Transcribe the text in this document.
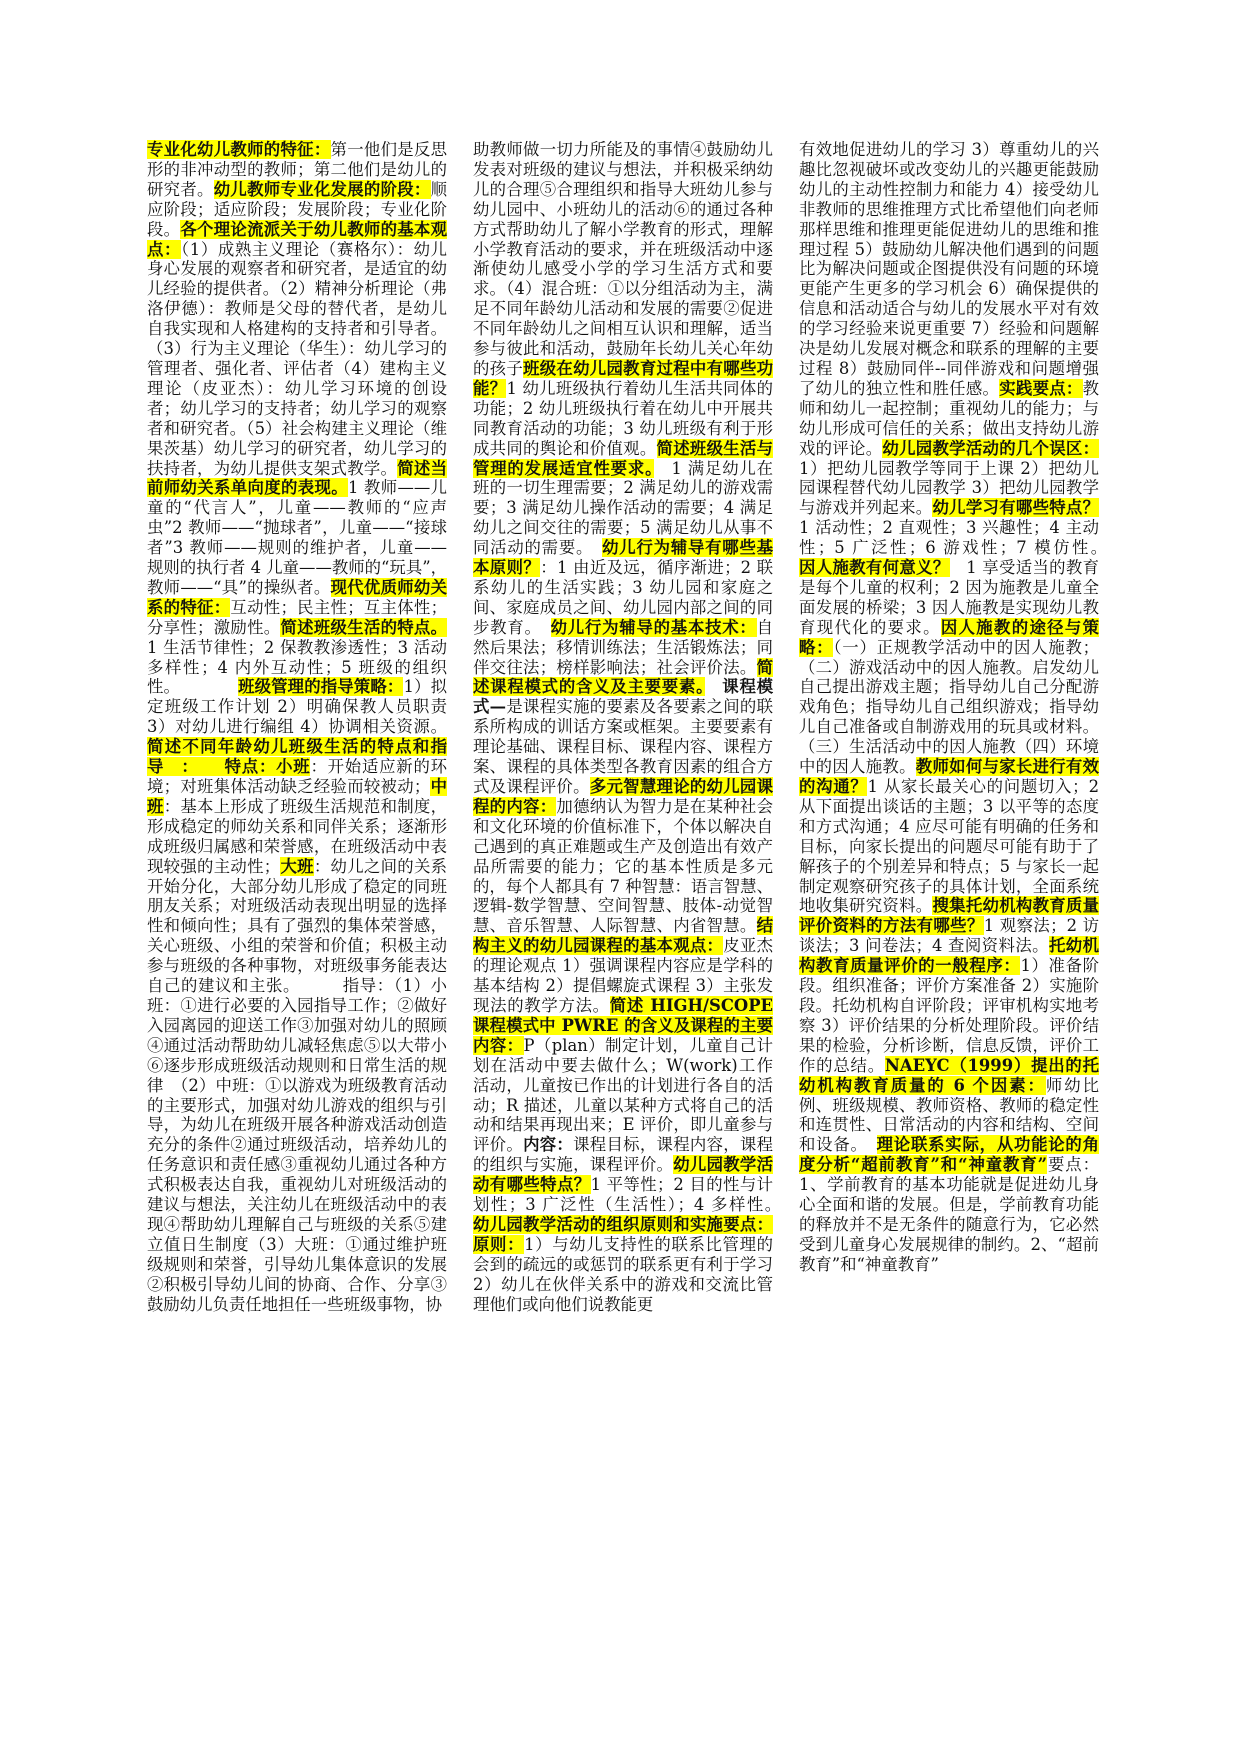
专业化幼儿教师的特征：第一他们是反思形的非冲动型的教师；第二他们是幼儿的研究者。幼儿教师专业化发展的阶段：顺应阶段；适应阶段；发展阶段；专业化阶段。各个理论流派关于幼儿教师的基本观点：（1）成熟主义理论（赛格尔）：幼儿身心发展的观察者和研究者，是适宜的幼儿经验的提供者。（2）精神分析理论（弗洛伊德）：教师是父母的替代者，是幼儿自我实现和人格建构的支持者和引导者。（3）行为主义理论（华生）：幼儿学习的管理者、强化者、评估者（4）建构主义理论（皮亚杰）：幼儿学习环境的创设者；幼儿学习的支持者；幼儿学习的观察者和研究者。（5）社会构建主义理论（维果茨基）幼儿学习的研究者，幼儿学习的扶持者，为幼儿提供支架式教学。简述当前师幼关系单向度的表现。1 教师——儿童的“代言人”，儿童——教师的“应声虫”2 教师——“抛球者”，儿童——“接球者”3 教师——规则的维护者，儿童——规则的执行者 4 儿童——教师的“玩具”，教师——“具”的操纵者。现代优质师幼关系的特征：互动性；民主性；互主体性；分享性；激励性。简述班级生活的特点。1 生活节律性；2 保教教渗透性；3 活动多样性；4 内外互动性；5 班级的组织性。　　　　班级管理的指导策略：1）拟定班级工作计划 2）明确保教人员职责 3）对幼儿进行编组 4）协调相关资源。简述不同年龄幼儿班级生活的特点和指导　：　　特点：小班：开始适应新的环境；对班集体活动缺乏经验而较被动；中班：基本上形成了班级生活规范和制度，形成稳定的师幼关系和同伴关系；逐渐形成班级归属感和荣誉感，在班级活动中表现较强的主动性；大班：幼儿之间的关系开始分化，大部分幼儿形成了稳定的同班朋友关系；对班级活动表现出明显的选择性和倾向性；具有了强烈的集体荣誉感，关心班级、小组的荣誉和价值；积极主动参与班级的各种事物，对班级事务能表达自己的建议和主张。　　　指导：（1）小班：①进行必要的入园指导工作；②做好入园离园的迎送工作③加强对幼儿的照顾④通过活动帮助幼儿减轻焦虑⑤以大带小⑥逐步形成班级活动规则和日常生活的规律　（2）中班：①以游戏为班级教育活动的主要形式，加强对幼儿游戏的组织与引导，为幼儿在班级开展各种游戏活动创造充分的条件②通过班级活动，培养幼儿的任务意识和责任感③重视幼儿通过各种方式积极表达自我，重视幼儿对班级活动的建议与想法，关注幼儿在班级活动中的表现④帮助幼儿理解自己与班级的关系⑤建立值日生制度（3）大班：①通过维护班级规则和荣誉，引导幼儿集体意识的发展②积极引导幼儿间的协商、合作、分享③鼓励幼儿负责任地担任一些班级事物，协
助教师做一切力所能及的事情④鼓励幼儿发表对班级的建议与想法，并积极采纳幼儿的合理⑤合理组织和指导大班幼儿参与幼儿园中、小班幼儿的活动⑥的通过各种方式帮助幼儿了解小学教育的形式，理解小学教育活动的要求，并在班级活动中逐渐使幼儿感受小学的学习生活方式和要求。（4）混合班：①以分组活动为主，满足不同年龄幼儿活动和发展的需要②促进不同年龄幼儿之间相互认识和理解，适当参与彼此和活动，鼓励年长幼儿关心年幼的孩子班级在幼儿园教育过程中有哪些功能？1 幼儿班级执行着幼儿生活共同体的功能；2 幼儿班级执行着在幼儿中开展共同教育活动的功能；3 幼儿班级有利于形成共同的舆论和价值观。简述班级生活与管理的发展适宜性要求。　1 满足幼儿在班的一切生理需要；2 满足幼儿的游戏需要；3 满足幼儿操作活动的需要；4 满足幼儿之间交往的需要；5 满足幼儿从事不同活动的需要。　幼儿行为辅导有哪些基本原则？：1 由近及远，循序渐进；2 联系幼儿的生活实践；3 幼儿园和家庭之间、家庭成员之间、幼儿园内部之间的同步教育。　幼儿行为辅导的基本技术：自然后果法；移情训练法；生活锻炼法；同伴交往法；榜样影响法；社会评价法。简述课程模式的含义及主要要素。　 课程模式—是课程实施的要素及各要素之间的联系所构成的训话方案或框架。主要要素有理论基础、课程目标、课程内容、课程方案、课程的具体类型各教育因素的组合方式及课程评价。多元智慧理论的幼儿园课程的内容：加德纳认为智力是在某种社会和文化环境的价值标准下，个体以解决自己遇到的真正难题或生产及创造出有效产品所需要的能力；它的基本性质是多元的，每个人都具有 7 种智慧：语言智慧、逻辑-数学智慧、空间智慧、肢体-动觉智慧、音乐智慧、人际智慧、内省智慧。结构主义的幼儿园课程的基本观点：皮亚杰的理论观点 1）强调课程内容应是学科的基本结构 2）提倡螺旋式课程 3）主张发现法的教学方法。简述 HIGH/SCOPE 课程模式中 PWRE 的含义及课程的主要内容：P（plan）制定计划，儿童自己计划在活动中要去做什么；W(work)工作活动，儿童按已作出的计划进行各自的活动；R 描述，儿童以某种方式将自己的活动和结果再现出来；E 评价，即儿童参与评价。内容：课程目标，课程内容，课程的组织与实施，课程评价。幼儿园教学活动有哪些特点？1 平等性；2 目的性与计划性；3 广泛性（生活性）；4 多样性。　幼儿园教学活动的组织原则和实施要点：原则：1）与幼儿支持性的联系比管理的会到的疏远的或惩罚的联系更有利于学习 2）幼儿在伙伴关系中的游戏和交流比管理他们或向他们说教能更
有效地促进幼儿的学习 3）尊重幼儿的兴趣比忽视破坏或改变幼儿的兴趣更能鼓励幼儿的主动性控制力和能力 4）接受幼儿非教师的思维推理方式比希望他们向老师那样思维和推理更能促进幼儿的思维和推理过程 5）鼓励幼儿解决他们遇到的问题比为解决问题或企图提供没有问题的环境更能产生更多的学习机会 6）确保提供的信息和活动适合与幼儿的发展水平对有效的学习经验来说更重要 7）经验和问题解决是幼儿发展对概念和联系的理解的主要过程 8）鼓励同伴--同伴游戏和问题增强了幼儿的独立性和胜任感。实践要点：教师和幼儿一起控制；重视幼儿的能力；与幼儿形成可信任的关系；做出支持幼儿游戏的评论。幼儿园教学活动的几个误区：1）把幼儿园教学等同于上课 2）把幼儿园课程替代幼儿园教学 3）把幼儿园教学与游戏并列起来。幼儿学习有哪些特点？1 活动性；2 直观性；3 兴趣性；4 主动性；5 广泛性；6 游戏性；7 模仿性。　因人施教有何意义？　1 享受适当的教育是每个儿童的权利；2 因为施教是儿童全面发展的桥梁；3 因人施教是实现幼儿教育现代化的要求。因人施教的途径与策略：（一）正规教学活动中的因人施教；（二）游戏活动中的因人施教。启发幼儿自己提出游戏主题；指导幼儿自己分配游戏角色；指导幼儿自己组织游戏；指导幼儿自己准备或自制游戏用的玩具或材料。（三）生活活动中的因人施教（四）环境中的因人施教。教师如何与家长进行有效的沟通？1 从家长最关心的问题切入；2 从下面提出谈话的主题；3 以平等的态度和方式沟通；4 应尽可能有明确的任务和目标，向家长提出的问题尽可能有助于了解孩子的个别差异和特点；5 与家长一起制定观察研究孩子的具体计划，全面系统地收集研究资料。搜集托幼机构教育质量评价资料的方法有哪些？1 观察法；2 访谈法；3 问卷法；4 查阅资料法。托幼机构教育质量评价的一般程序：1）准备阶段。组织准备；评价方案准备 2）实施阶段。托幼机构自评阶段；评审机构实地考察 3）评价结果的分析处理阶段。评价结果的检验，分析诊断，信息反馈，评价工作的总结。NAEYC（1999）提出的托幼机构教育质量的 6 个因素：师幼比例、班级规模、教师资格、教师的稳定性和连贯性、日常活动的内容和结构、空间和设备。　理论联系实际，从功能论的角度分析“超前教育”和“神童教育”要点：1、学前教育的基本功能就是促进幼儿身心全面和谐的发展。但是，学前教育功能的释放并不是无条件的随意行为，它必然受到儿童身心发展规律的制约。2、“超前教育”和“神童教育”
